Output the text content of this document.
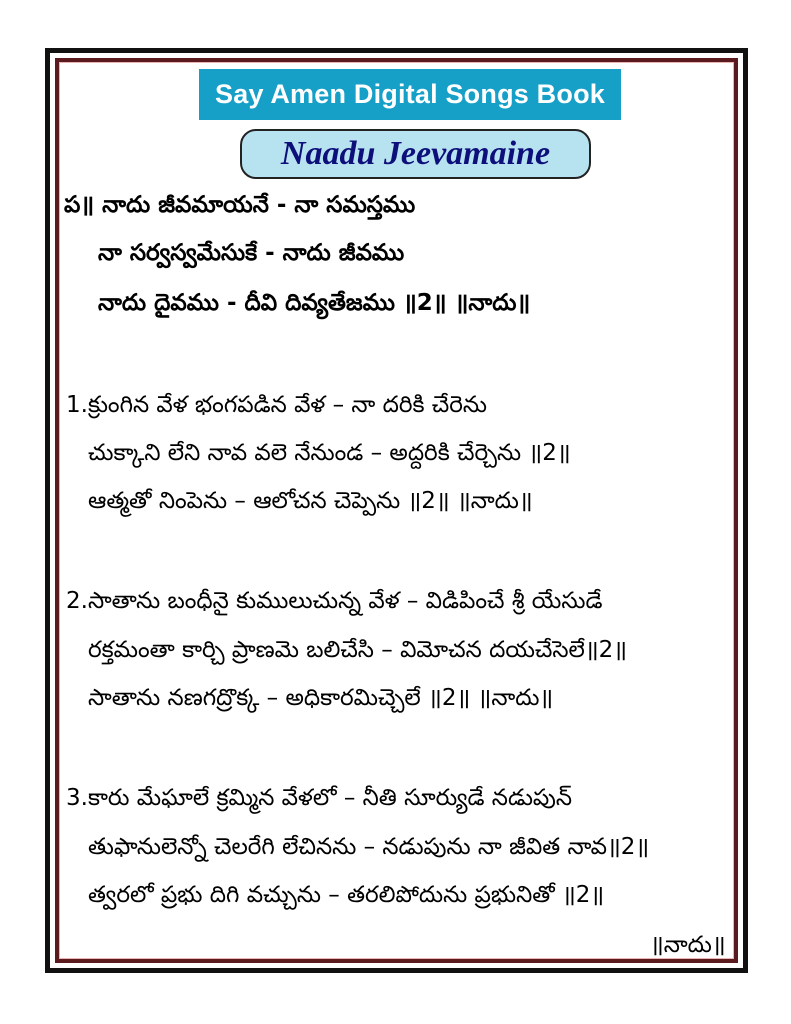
Say Amen Digital Songs Book
Naadu Jeevamaine
ప॥ నాదు జీవమాయనే - నా సమస్తము
నా సర్వస్వమేసుకే - నాదు జీవము
నాదు దైవము - దీవి దివ్యతేజము ॥2॥ ॥నాదు॥
1.క్రుంగిన వేళ భంగపడిన వేళ – నా దరికి చేరెను
చుక్కాని లేని నావ వలె నేనుండ – అద్దరికి చేర్చెను ॥2॥
ఆత్మతో నింపెను – ఆలోచన చెప్పెను ॥2॥ ॥నాదు॥
2.సాతాను బంధీనై కుములుచున్న వేళ – విడిపించే శ్రీ యేసుడే
రక్తమంతా కార్చి ప్రాణమె బలిచేసి – విమోచన దయచేసెలే॥2॥
సాతాను నణగద్రొక్క – అధికారమిచ్చెలే ॥2॥ ॥నాదు॥
3.కారు మేఘాలే క్రమ్మిన వేళలో – నీతి సూర్యుడే నడుపున్
తుఫానులెన్నో చెలరేగి లేచినను – నడుపును నా జీవిత నావ॥2॥
త్వరలో ప్రభు దిగి వచ్చును – తరలిపోదును ప్రభునితో ॥2॥
॥నాదు॥
